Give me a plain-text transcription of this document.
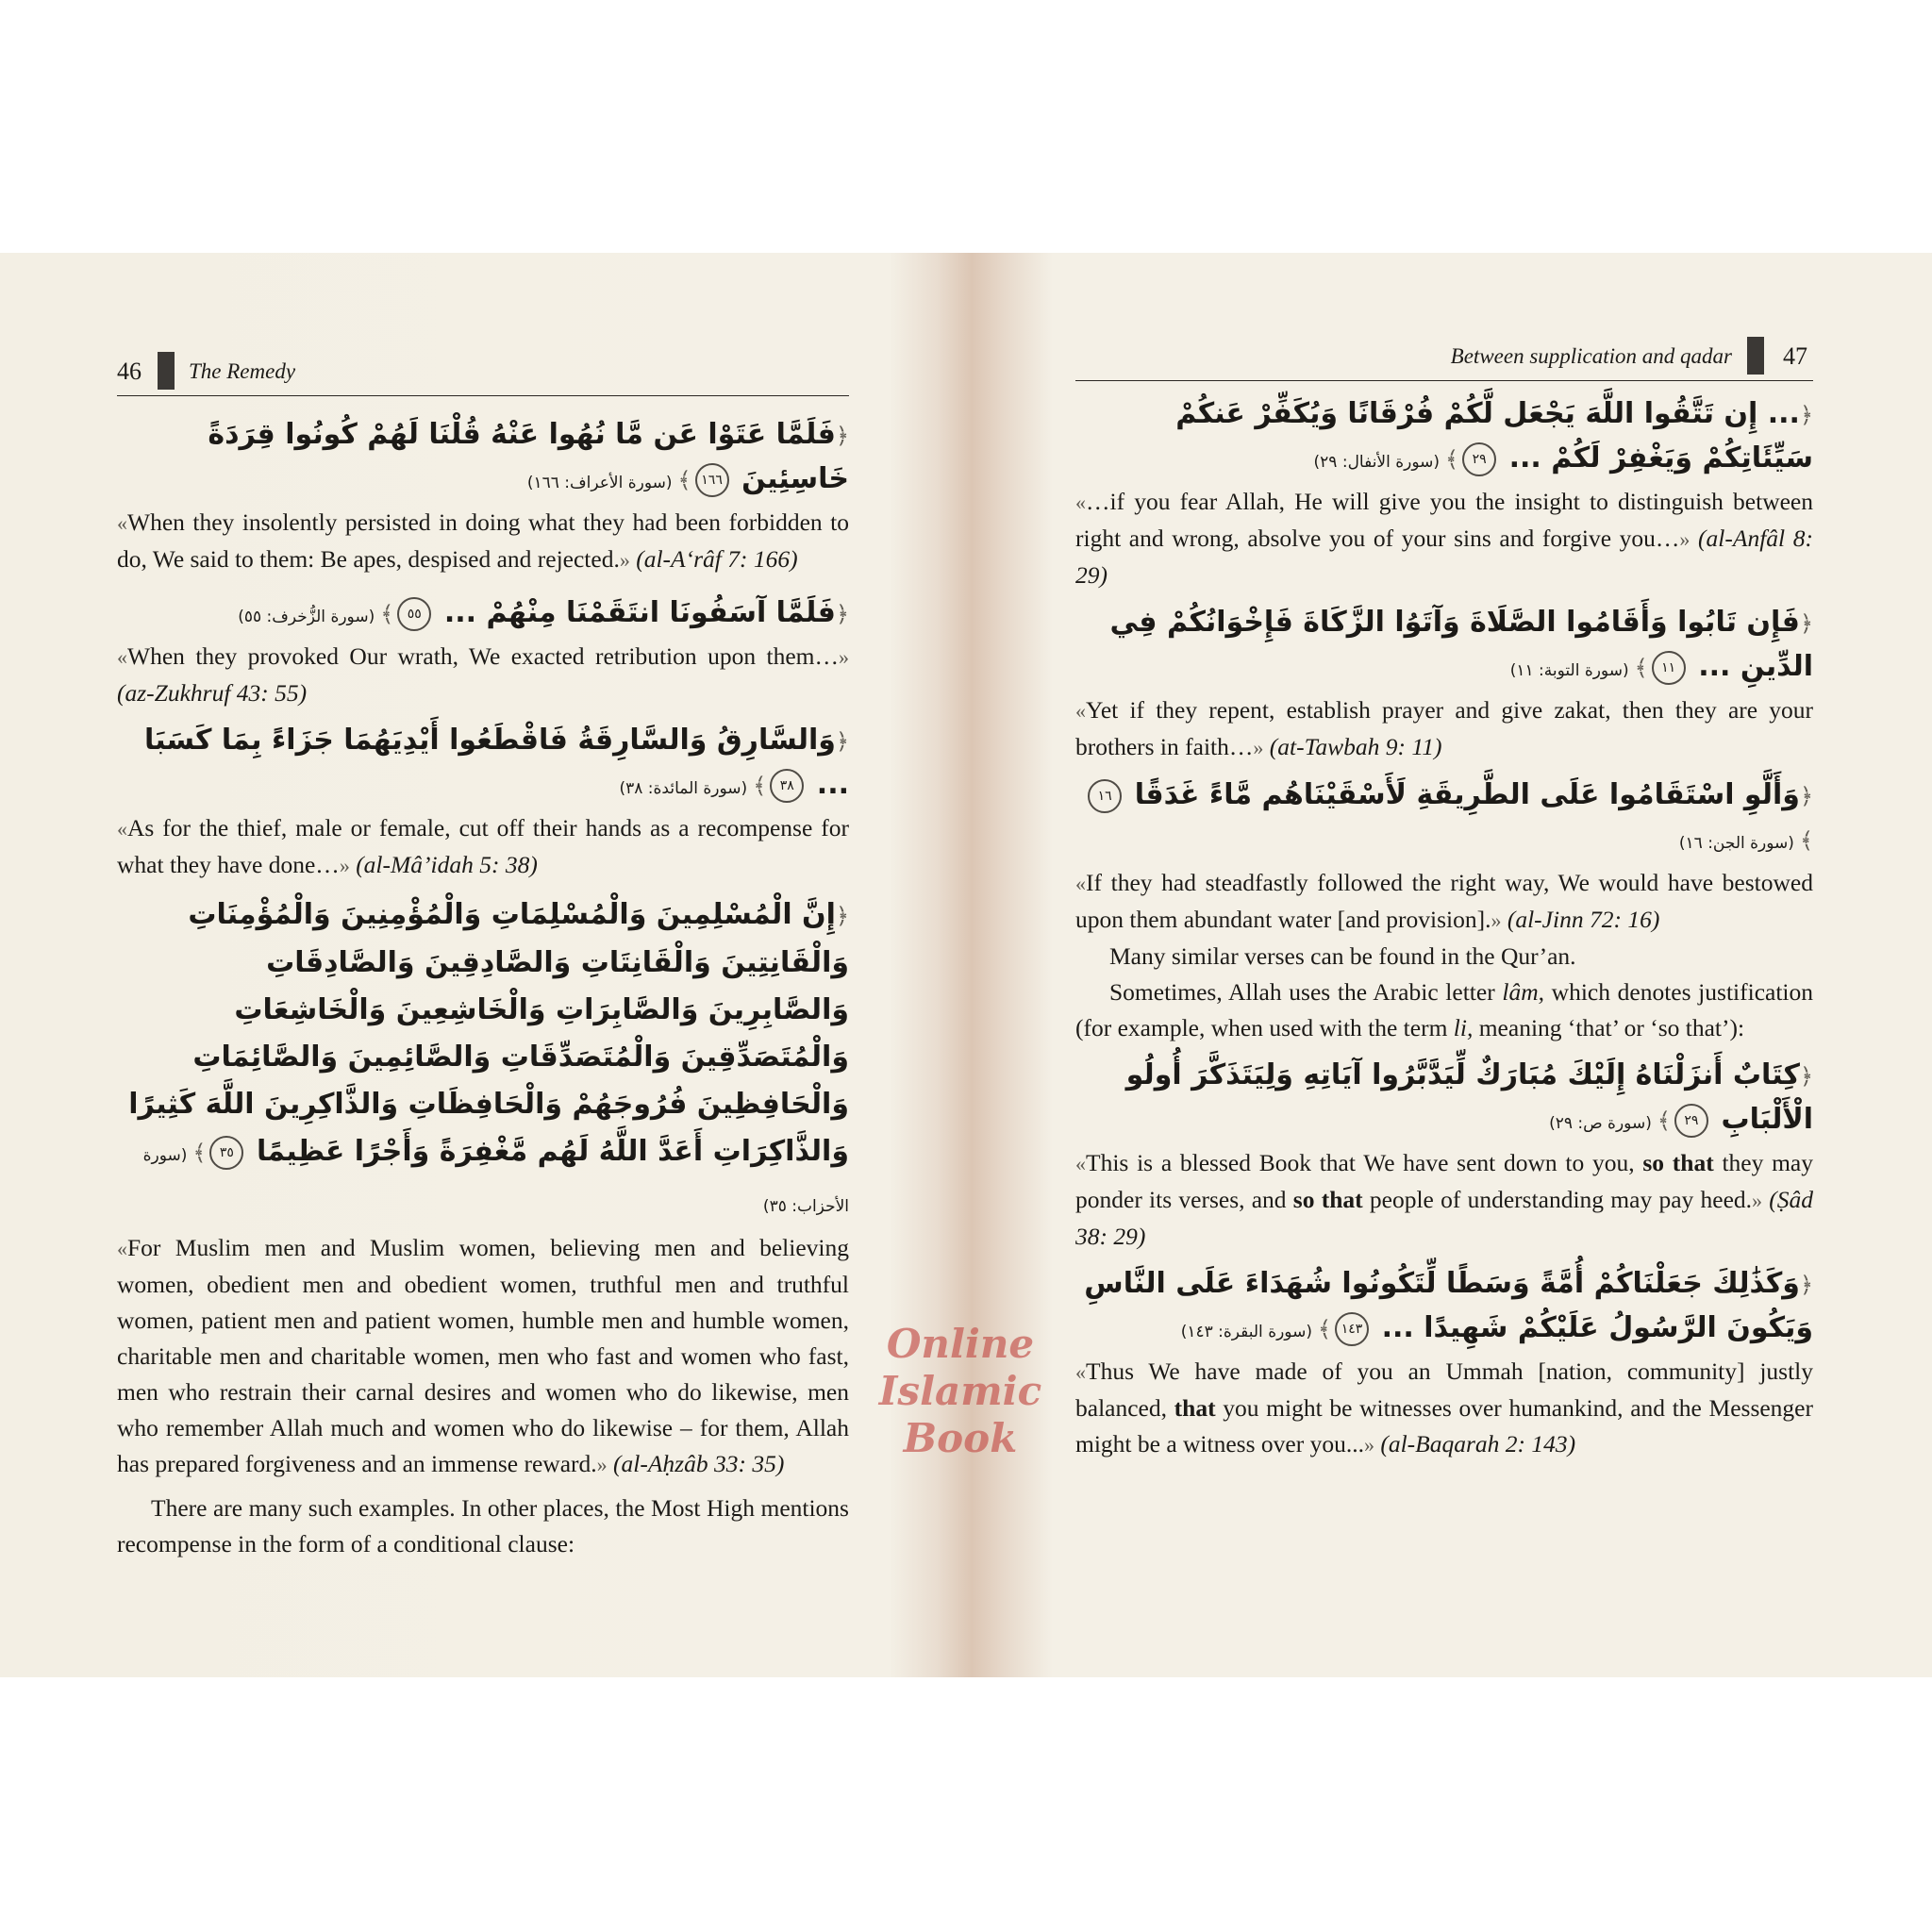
46 The Remedy
﴿فَلَمَّا عَتَوْا عَن مَّا نُهُوا عَنْهُ قُلْنَا لَهُمْ كُونُوا قِرَدَةً خَاسِئِينَ ١٦٦﴾(سورة الأعراف: ١٦٦)
«When they insolently persisted in doing what they had been forbidden to do, We said to them: Be apes, despised and rejected.» (al-A‘râf 7: 166)
﴿فَلَمَّا آسَفُونَا انتَقَمْنَا مِنْهُمْ ... ٥٥﴾(سورة الزُّخرف: ٥٥)
«When they provoked Our wrath, We exacted retribution upon them…» (az-Zukhruf 43: 55)
﴿وَالسَّارِقُ وَالسَّارِقَةُ فَاقْطَعُوا أَيْدِيَهُمَا جَزَاءً بِمَا كَسَبَا ... ٣٨﴾(سورة المائدة: ٣٨)
«As for the thief, male or female, cut off their hands as a recompense for what they have done…» (al-Mâ’idah 5: 38)
﴿إِنَّ الْمُسْلِمِينَ وَالْمُسْلِمَاتِ وَالْمُؤْمِنِينَ وَالْمُؤْمِنَاتِ وَالْقَانِتِينَ وَالْقَانِتَاتِ وَالصَّادِقِينَ وَالصَّادِقَاتِ وَالصَّابِرِينَ وَالصَّابِرَاتِ وَالْخَاشِعِينَ وَالْخَاشِعَاتِ وَالْمُتَصَدِّقِينَ وَالْمُتَصَدِّقَاتِ وَالصَّائِمِينَ وَالصَّائِمَاتِ وَالْحَافِظِينَ فُرُوجَهُمْ وَالْحَافِظَاتِ وَالذَّاكِرِينَ اللَّهَ كَثِيرًا وَالذَّاكِرَاتِ أَعَدَّ اللَّهُ لَهُم مَّغْفِرَةً وَأَجْرًا عَظِيمًا ٣٥﴾(سورة الأحزاب: ٣٥)
«For Muslim men and Muslim women, believing men and believing women, obedient men and obedient women, truthful men and truthful women, patient men and patient women, humble men and humble women, charitable men and charitable women, men who fast and women who fast, men who restrain their carnal desires and women who do likewise, men who remember Allah much and women who do likewise – for them, Allah has prepared forgiveness and an immense reward.» (al-Aḥzâb 33: 35)
There are many such examples. In other places, the Most High mentions recompense in the form of a conditional clause:
Between supplication and qadar 47
﴿... إِن تَتَّقُوا اللَّهَ يَجْعَل لَّكُمْ فُرْقَانًا وَيُكَفِّرْ عَنكُمْ سَيِّئَاتِكُمْ وَيَغْفِرْ لَكُمْ ... ٢٩﴾(سورة الأنفال: ٢٩)
«…if you fear Allah, He will give you the insight to distinguish between right and wrong, absolve you of your sins and forgive you…» (al-Anfâl 8: 29)
﴿فَإِن تَابُوا وَأَقَامُوا الصَّلَاةَ وَآتَوُا الزَّكَاةَ فَإِخْوَانُكُمْ فِي الدِّينِ ... ١١﴾(سورة التوبة: ١١)
«Yet if they repent, establish prayer and give zakat, then they are your brothers in faith…» (at-Tawbah 9: 11)
﴿وَأَلَّوِ اسْتَقَامُوا عَلَى الطَّرِيقَةِ لَأَسْقَيْنَاهُم مَّاءً غَدَقًا ١٦﴾(سورة الجن: ١٦)
«If they had steadfastly followed the right way, We would have bestowed upon them abundant water [and provision].» (al-Jinn 72: 16)
Many similar verses can be found in the Qur’an.
Sometimes, Allah uses the Arabic letter lâm, which denotes justification (for example, when used with the term li, meaning ‘that’ or ‘so that’):
﴿كِتَابٌ أَنزَلْنَاهُ إِلَيْكَ مُبَارَكٌ لِّيَدَّبَّرُوا آيَاتِهِ وَلِيَتَذَكَّرَ أُولُو الْأَلْبَابِ ٢٩﴾(سورة ص: ٢٩)
«This is a blessed Book that We have sent down to you, so that they may ponder its verses, and so that people of understanding may pay heed.» (Ṣâd 38: 29)
﴿وَكَذَٰلِكَ جَعَلْنَاكُمْ أُمَّةً وَسَطًا لِّتَكُونُوا شُهَدَاءَ عَلَى النَّاسِ وَيَكُونَ الرَّسُولُ عَلَيْكُمْ شَهِيدًا ... ١٤٣﴾(سورة البقرة: ١٤٣)
«Thus We have made of you an Ummah [nation, community] justly balanced, that you might be witnesses over humankind, and the Messenger might be a witness over you...» (al-Baqarah 2: 143)
Online Islamic
Book
